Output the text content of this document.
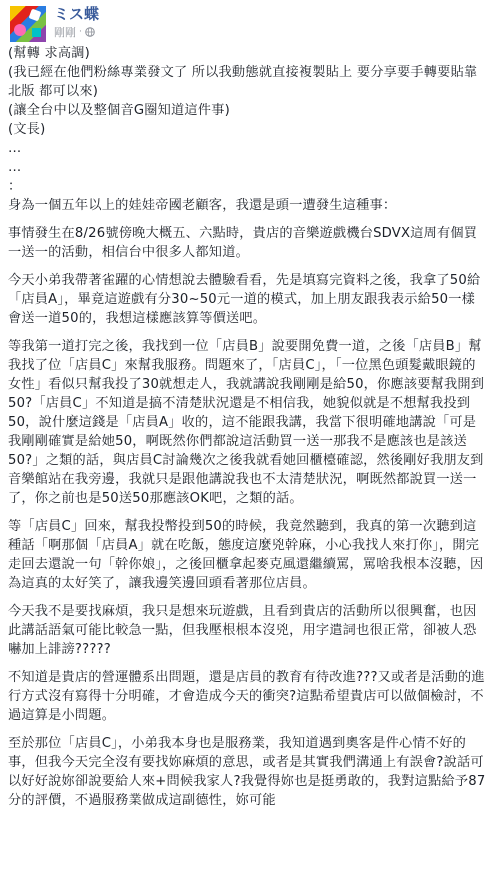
ミス蝶
剛剛 ·

(幫轉 求高調)

(我已經在他們粉絲專業發文了 所以我動態就直接複製貼上 要分享要手轉要貼靠北版 都可以來)

(讓全台中以及整個音G圈知道這件事)

(文長)

…

…

：

身為一個五年以上的娃娃帝國老顧客，我還是頭一遭發生這種事：

事情發生在8/26號傍晚大概五、六點時，貴店的音樂遊戲機台SDVX這周有個買一送一的活動，相信台中很多人都知道。

今天小弟我帶著雀躍的心情想說去體驗看看，先是填寫完資料之後，我拿了50給「店員A」，畢竟這遊戲有分30~50元一道的模式，加上朋友跟我表示給50一樣會送一道50的，我想這樣應該算等價送吧。

等我第一道打完之後，我找到一位「店員B」說要開免費一道，之後「店員B」幫我找了位「店員C」來幫我服務。問題來了，「店員C」，「一位黑色頭髮戴眼鏡的女性」看似只幫我投了30就想走人，我就講說我剛剛是給50，你應該要幫我開到50?「店員C」不知道是搞不清楚狀況還是不相信我，她貌似就是不想幫我投到50，說什麼這錢是「店員A」收的，這不能跟我講，我當下很明確地講說「可是我剛剛確實是給她50，啊既然你們都說這活動買一送一那我不是應該也是該送50?」之類的話，與店員C討論幾次之後我就看她回櫃檯確認，然後剛好我朋友到音樂館站在我旁邊，我就只是跟他講說我也不太清楚狀況，啊既然都說買一送一了，你之前也是50送50那應該OK吧，之類的話。

等「店員C」回來，幫我投幣投到50的時候，我竟然聽到，我真的第一次聽到這種話「啊那個「店員A」就在吃飯，態度這麼兇幹麻，小心我找人來打你」，開完走回去還說一句「幹你娘」，之後回櫃拿起麥克風還繼續罵，罵啥我根本沒聽，因為這真的太好笑了，讓我邊笑邊回頭看著那位店員。

今天我不是要找麻煩，我只是想來玩遊戲，且看到貴店的活動所以很興奮，也因此講話語氣可能比較急一點，但我壓根根本沒兇，用字遣詞也很正常，卻被人恐嚇加上誹謗?????

不知道是貴店的營運體系出問題，還是店員的教育有待改進???又或者是活動的進行方式沒有寫得十分明確，才會造成今天的衝突?這點希望貴店可以做個檢討，不過這算是小問題。

至於那位「店員C」，小弟我本身也是服務業，我知道遇到奧客是件心情不好的事，但我今天完全沒有要找妳麻煩的意思，或者是其實我們溝通上有誤會?說話可以好好說妳卻說要給人來+問候我家人?我覺得妳也是挺勇敢的，我對這點給予87分的評價，不過服務業做成這副德性，妳可能
